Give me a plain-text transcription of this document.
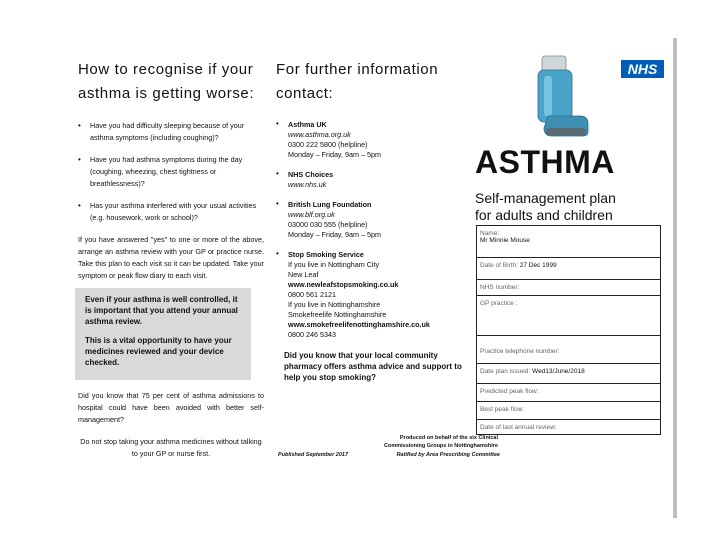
How to recognise if your
asthma is getting worse:
• Have you had difficulty sleeping because of your asthma symptoms (including coughing)?
• Have you had asthma symptoms during the day (coughing, wheezing, chest tightness or breathlessness)?
• Has your asthma interfered with your usual activities (e.g. housework, work or school)?

If you have answered "yes" to one or more of the above, arrange an asthma review with your GP or practice nurse. Take this plan to each visit so it can be updated. Take your symptom or peak flow diary to each visit.

Even if your asthma is well controlled, it is important that you attend your annual asthma review.

This is a vital opportunity to have your medicines reviewed and your device checked.

Did you know that 75 per cent of asthma admissions to hospital could have been avoided with better self-management?

Do not stop taking your asthma medicines without talking to your GP or nurse first.

For further information
contact:
• Asthma UK
www.asthma.org.uk
0300 222 5800 (helpline)
Monday – Friday, 9am – 5pm
• NHS Choices
www.nhs.uk
• British Lung Foundation
www.blf.org.uk
03000 030 555 (helpline)
Monday – Friday, 9am – 5pm
• Stop Smoking Service
If you live in Nottingham City
New Leaf
www.newleafstopsmoking.co.uk
0800 561 2121
If you live in Nottinghamshire
Smokefreelife Nottinghamshire
www.smokefreelifenottinghamshire.co.uk
0800 246 5343

Did you know that your local community pharmacy offers asthma advice and support to help you stop smoking?

Produced on behalf of the six Clinical
Commissioning Groups in Nottinghamshire
Published September 2017	Ratified by Area Prescribing Committee
NHS
ASTHMA
Self-management plan
for adults and children
Name:
Mr Minnie Mouse
Date of Birth: 27 Dec 1999
NHS number:
GP practice :
Practice telephone number:
Date plan issued: Wed13/June/2018
Predicted peak flow:
Best peak flow:
Date of last annual review:
